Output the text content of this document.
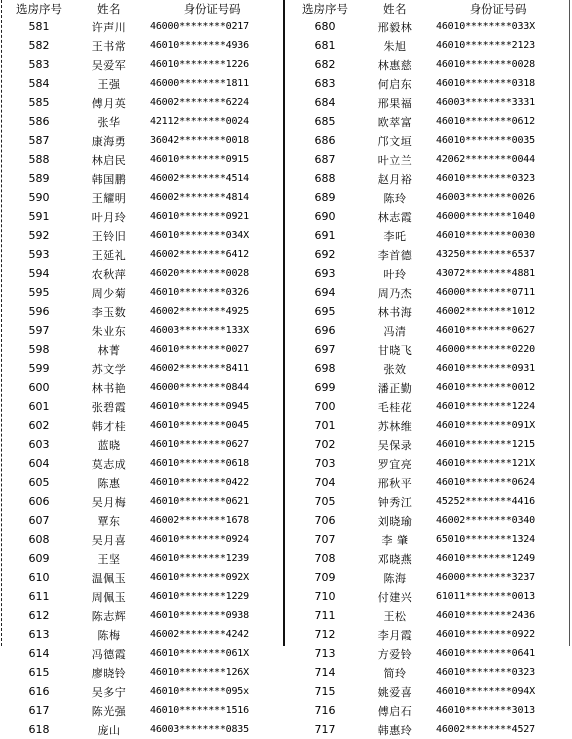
选房序号	姓名	身份证号码
581	许声川	46000********0217
582	王书常	46010********4936
583	吴爱军	46010********1226
584	王强	46000********1811
585	傅月英	46002********6224
586	张华	42112********0024
587	康海勇	36042********0018
588	林启民	46010********0915
589	韩国鹏	46002********4514
590	王耀明	46002********4814
591	叶月玲	46010********0921
592	王铃旧	46010********034X
593	王延礼	46002********6412
594	农秋萍	46020********0028
595	周少菊	46010********0326
596	李玉数	46002********4925
597	朱业东	46003********133X
598	林菁	46010********0027
599	苏文学	46002********8411
600	林书艳	46000********0844
601	张碧霞	46010********0945
602	韩才桂	46010********0045
603	蓝晓	46010********0627
604	莫志成	46010********0618
605	陈惠	46010********0422
606	吴月梅	46010********0621
607	覃东	46002********1678
608	吴月喜	46010********0924
609	王坚	46010********1239
610	温佩玉	46010********092X
611	周佩玉	46010********1229
612	陈志辉	46010********0938
613	陈梅	46002********4242
614	冯德霞	46010********061X
615	廖晓铃	46010********126X
616	吴多宁	46010********095x
617	陈光强	46010********1516
618	庞山	46003********0835
选房序号	姓名	身份证号码
680	邢毅林	46010********033X
681	朱旭	46010********2123
682	林惠慈	46010********0028
683	何启东	46010********0318
684	邢果福	46003********3331
685	欧萃富	46010********0612
686	邝文垣	46010********0035
687	叶立兰	42062********0044
688	赵月裕	46010********0323
689	陈玲	46003********0026
690	林志霞	46000********1040
691	李吒	46010********0030
692	李首德	43250********6537
693	叶玲	43072********4881
694	周乃杰	46000********0711
695	林书海	46002********1012
696	冯清	46010********0627
697	甘晓飞	46000********0220
698	张效	46010********0931
699	潘正勤	46010********0012
700	毛桂花	46010********1224
701	苏林维	46010********091X
702	吴保录	46010********1215
703	罗宜亮	46010********121X
704	邢秋平	46010********0624
705	钟秀江	45252********4416
706	刘晓瑜	46002********0340
707	李 肇	65010********1324
708	邓晓燕	46010********1249
709	陈海	46000********3237
710	付建兴	61011********0013
711	王松	46010********2436
712	李月霞	46010********0922
713	方爱铃	46010********0641
714	简玲	46010********0323
715	姚爱喜	46010********094X
716	傅启石	46010********3013
717	韩惠玲	46002********4527
